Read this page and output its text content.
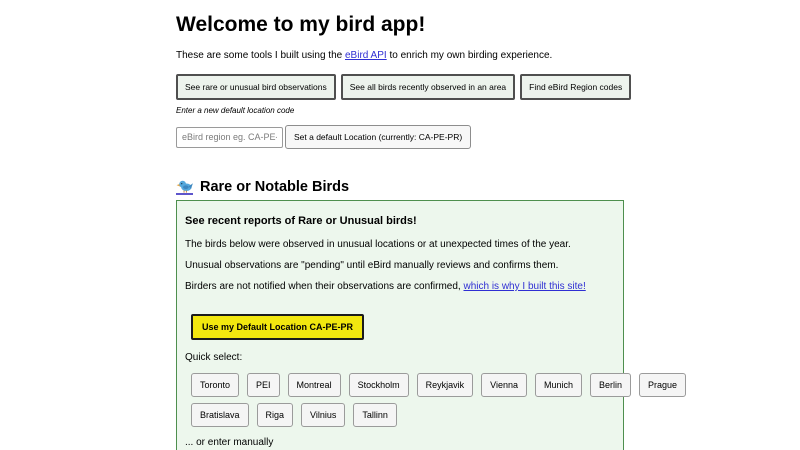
Welcome to my bird app!

These are some tools I built using the eBird API to enrich my own birding experience.

See rare or unusual bird observations	See all birds recently observed in an area	Find eBird Region codes

Enter a new default location code

eBird region eg. CA-PE-PR
Set a default Location (currently: CA-PE-PR)
Rare or Notable Birds
See recent reports of Rare or Unusual birds!

The birds below were observed in unusual locations or at unexpected times of the year.

Unusual observations are "pending" until eBird manually reviews and confirms them.

Birders are not notified when their observations are confirmed, which is why I built this site!

Use my Default Location CA-PE-PR

Quick select:

Toronto	PEI	Montreal	Stockholm	Reykjavik	Vienna	Munich	Berlin	Prague
Bratislava	Riga	Vilnius	Tallinn

... or enter manually
